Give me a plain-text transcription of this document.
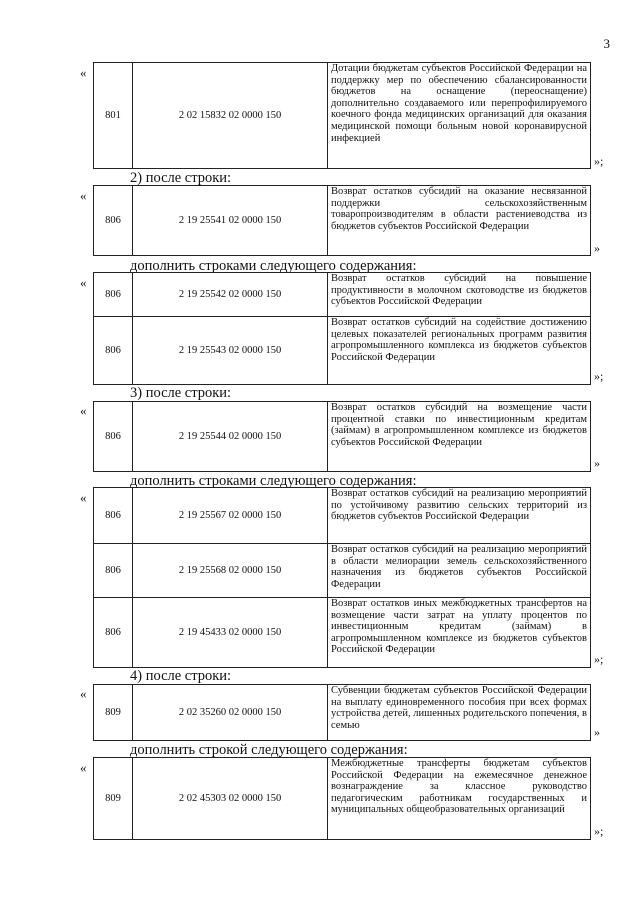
3
«
801	2 02 15832 02 0000 150	
Дотации бюджетам субъектов Российской Федерации на поддержку мер по обеспечению сбалансированности бюджетов на оснащение (переоснащение) дополнительно создаваемого или перепрофилируемого коечного фонда медицинских организаций для оказания медицинской помощи больным новой коронавирусной инфекцией
»;
2) после строки:
«
806	2 19 25541 02 0000 150	
Возврат остатков субсидий на оказание несвязанной поддержки сельскохозяйственным товаропроизводителям в области растениеводства из бюджетов субъектов Российской Федерации
»
дополнить строками следующего содержания:
«
806	2 19 25542 02 0000 150	Возврат остатков субсидий на повышение продуктивности в молочном скотоводстве из бюджетов субъектов Российской Федерации

806	2 19 25543 02 0000 150	Возврат остатков субсидий на содействие достижению целевых показателей региональных программ развития агропромышленного комплекса из бюджетов субъектов Российской Федерации
»;
3) после строки:
«
806	2 19 25544 02 0000 150	
Возврат остатков субсидий на возмещение части процентной ставки по инвестиционным кредитам (займам) в агропромышленном комплексе из бюджетов субъектов Российской Федерации
»
дополнить строками следующего содержания:
«
806	2 19 25567 02 0000 150	Возврат остатков субсидий на реализацию мероприятий по устойчивому развитию сельских территорий из бюджетов субъектов Российской Федерации

806	2 19 25568 02 0000 150	Возврат остатков субсидий на реализацию мероприятий в области мелиорации земель сельскохозяйственного назначения из бюджетов субъектов Российской Федерации

806	2 19 45433 02 0000 150	Возврат остатков иных межбюджетных трансфертов на возмещение части затрат на уплату процентов по инвестиционным кредитам (займам) в агропромышленном комплексе из бюджетов субъектов Российской Федерации
»;
4) после строки:
«
809	2 02 35260 02 0000 150	
Субвенции бюджетам субъектов Российской Федерации на выплату единовременного пособия при всех формах устройства детей, лишенных родительского попечения, в семью	»
дополнить строкой следующего содержания:
«
809	2 02 45303 02 0000 150	
Межбюджетные трансферты бюджетам субъектов Российской Федерации на ежемесячное денежное вознаграждение за классное руководство педагогическим работникам государственных и муниципальных общеобразовательных организаций
»;
